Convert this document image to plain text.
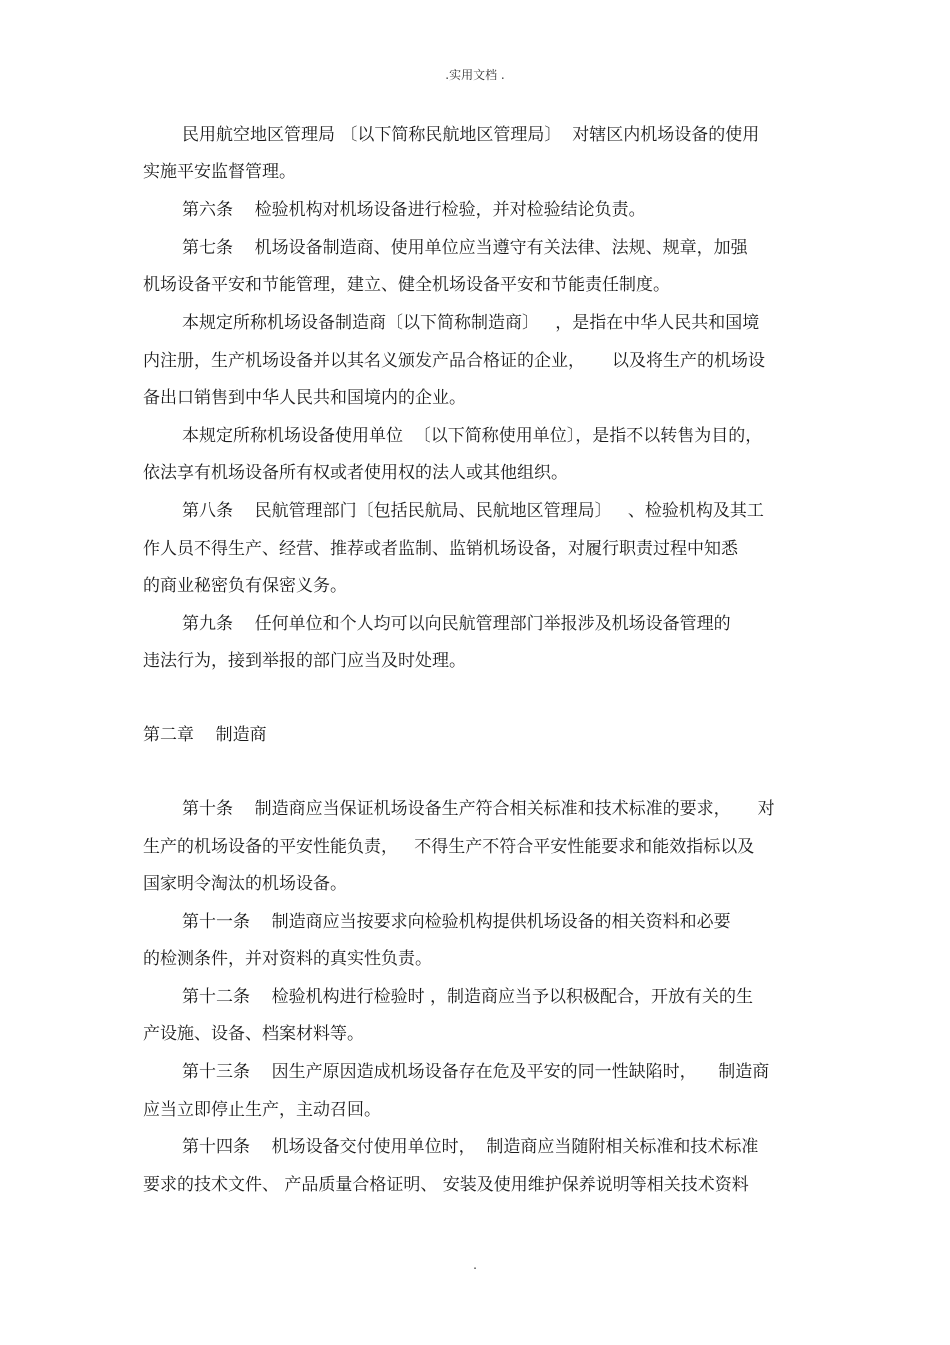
.实用文档 .
民用航空地区管理局 〔以下简称民航地区管理局〕  对辖区内机场设备的使用
实施平安监督管理。
第六条    检验机构对机场设备进行检验，并对检验结论负责。
第七条    机场设备制造商、使用单位应当遵守有关法律、法规、规章，加强
机场设备平安和节能管理，建立、健全机场设备平安和节能责任制度。
本规定所称机场设备制造商〔以下简称制造商〕   ，是指在中华人民共和国境
内注册，生产机场设备并以其名义颁发产品合格证的企业，     以及将生产的机场设
备出口销售到中华人民共和国境内的企业。
本规定所称机场设备使用单位  〔以下简称使用单位〕，是指不以转售为目的，
依法享有机场设备所有权或者使用权的法人或其他组织。
第八条    民航管理部门〔包括民航局、民航地区管理局〕   、检验机构及其工
作人员不得生产、经营、推荐或者监制、监销机场设备，对履行职责过程中知悉
的商业秘密负有保密义务。
第九条    任何单位和个人均可以向民航管理部门举报涉及机场设备管理的
违法行为，接到举报的部门应当及时处理。
第二章    制造商
第十条    制造商应当保证机场设备生产符合相关标准和技术标准的要求，     对
生产的机场设备的平安性能负责，   不得生产不符合平安性能要求和能效指标以及
国家明令淘汰的机场设备。
第十一条    制造商应当按要求向检验机构提供机场设备的相关资料和必要
的检测条件，并对资料的真实性负责。
第十二条    检验机构进行检验时 ，制造商应当予以积极配合，开放有关的生
产设施、设备、档案材料等。
第十三条    因生产原因造成机场设备存在危及平安的同一性缺陷时，    制造商
应当立即停止生产，主动召回。
第十四条    机场设备交付使用单位时，  制造商应当随附相关标准和技术标准
要求的技术文件、 产品质量合格证明、 安装及使用维护保养说明等相关技术资料
.
